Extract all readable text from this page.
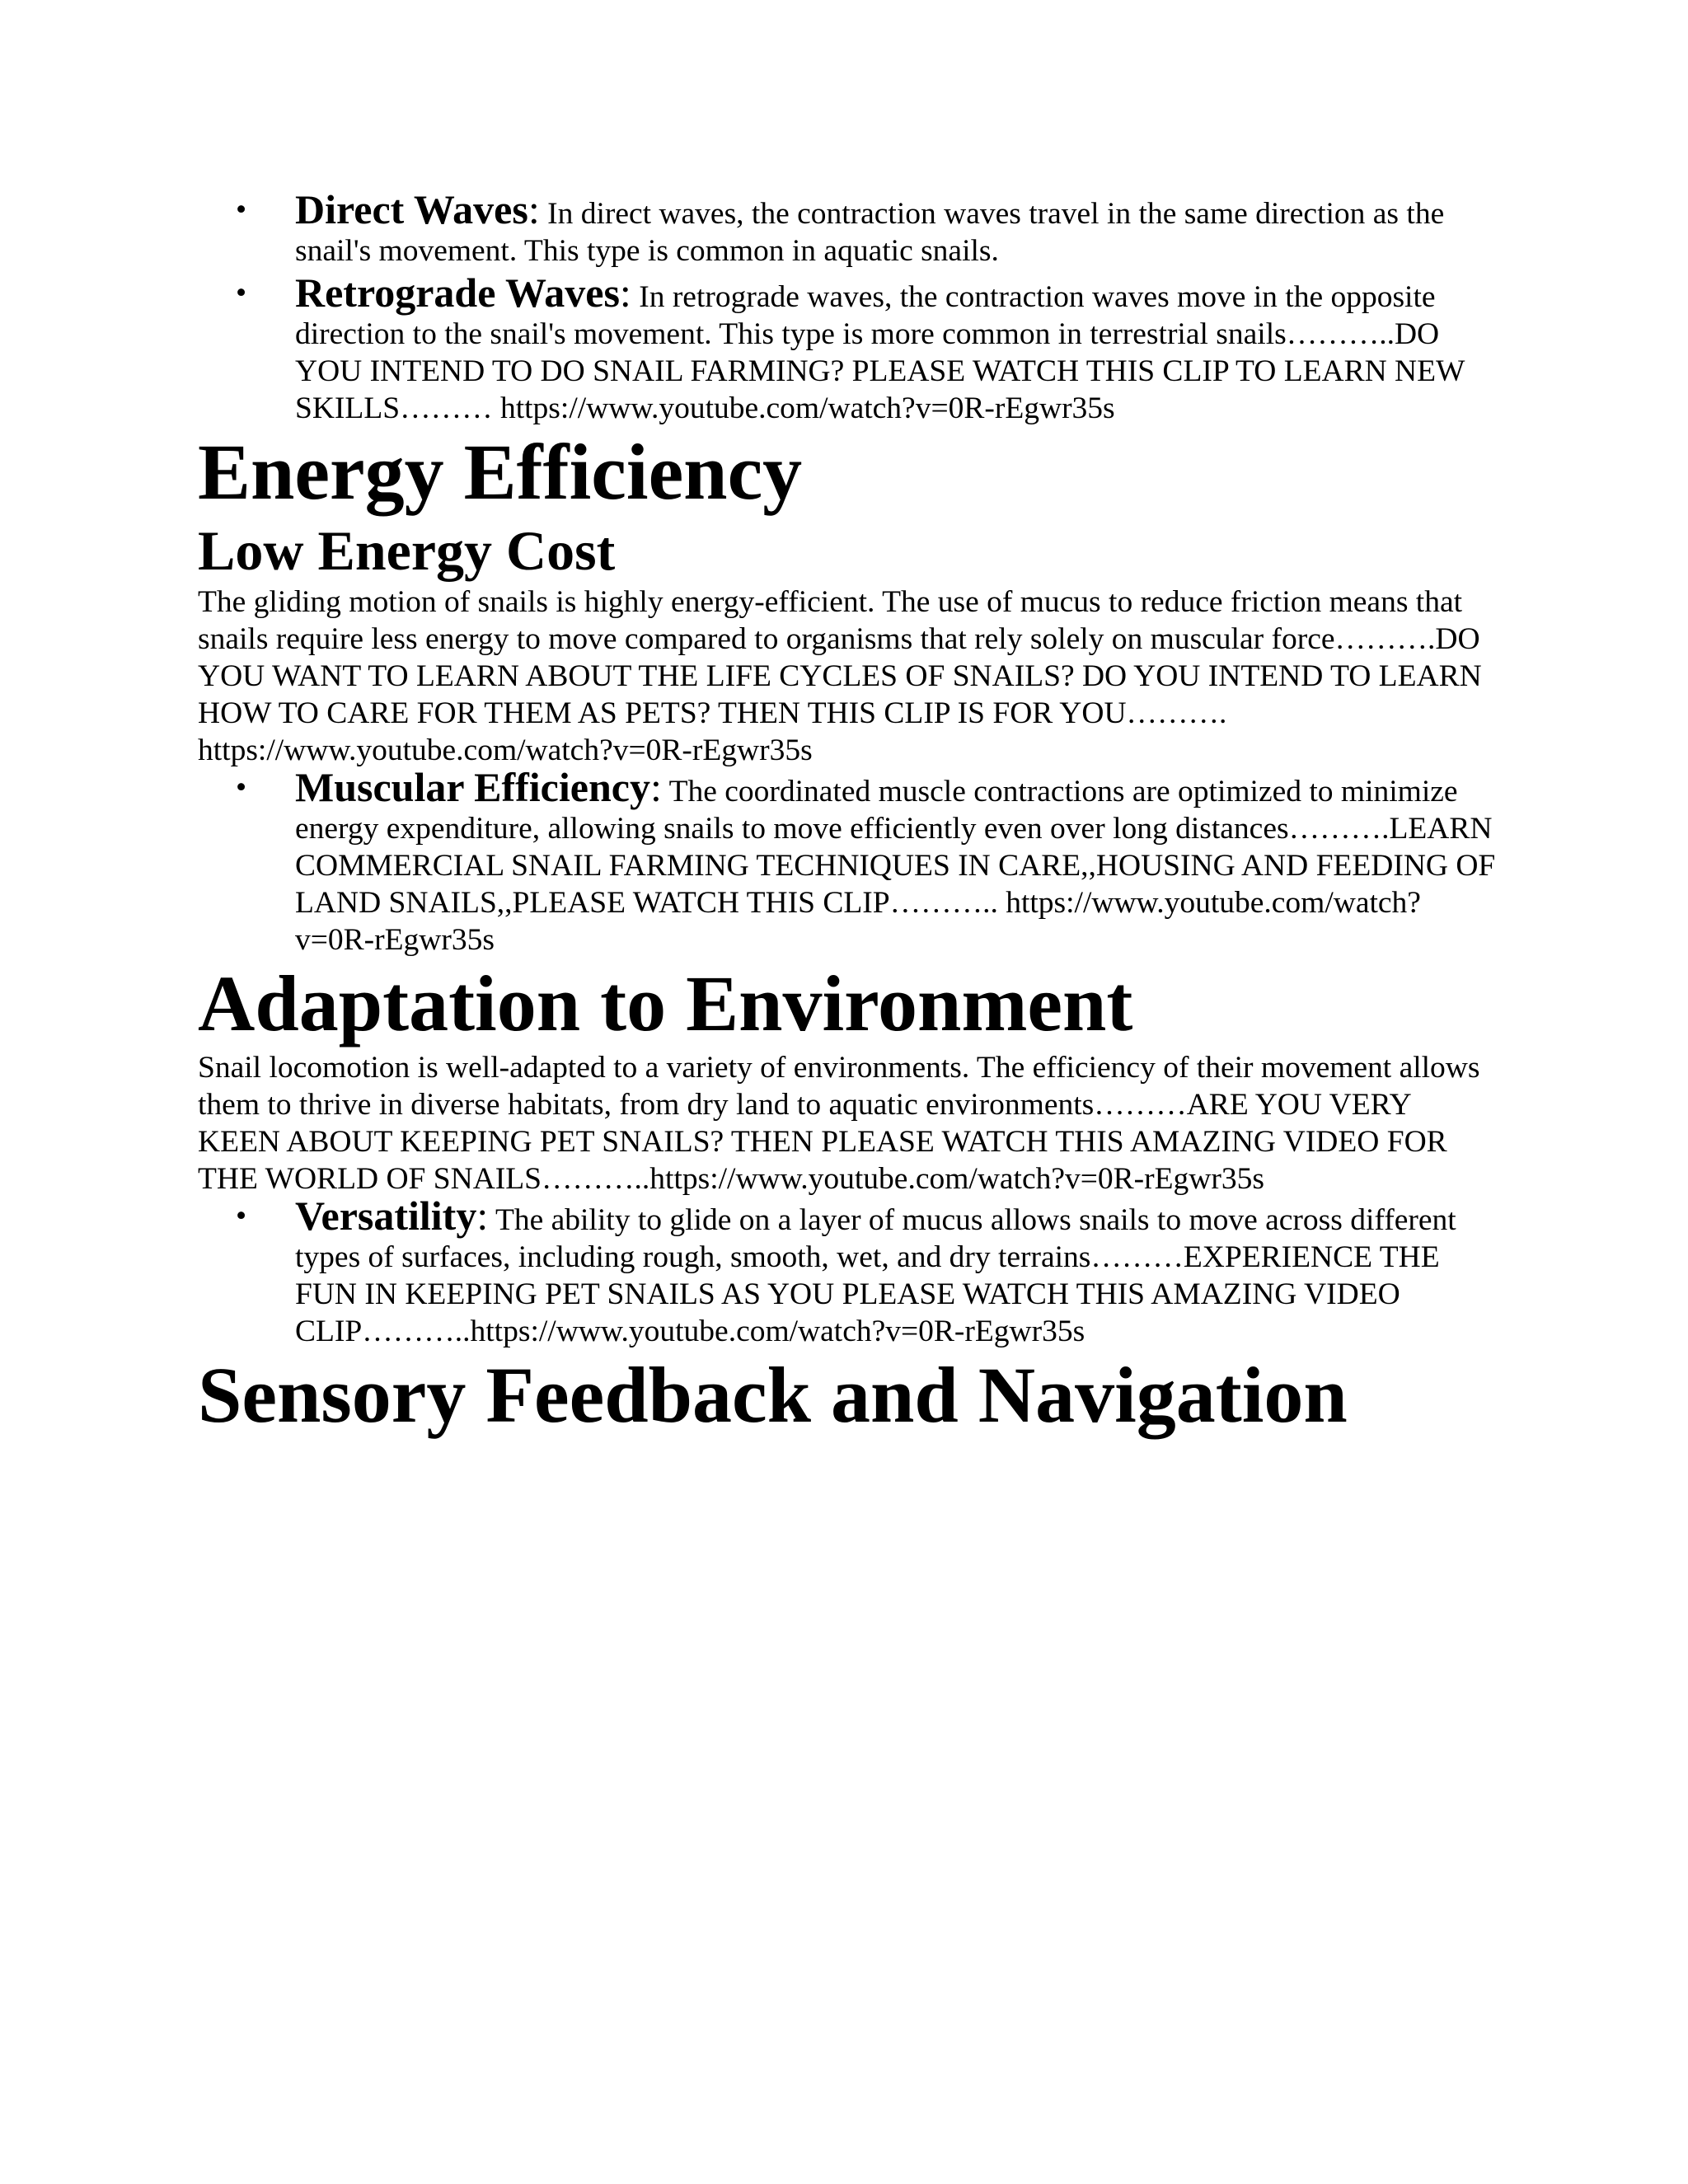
• Direct Waves: In direct waves, the contraction waves travel in the same direction as the snail's movement. This type is common in aquatic snails.
• Retrograde Waves: In retrograde waves, the contraction waves move in the opposite direction to the snail's movement. This type is more common in terrestrial snails………..DO YOU INTEND TO DO SNAIL FARMING? PLEASE WATCH THIS CLIP TO LEARN NEW SKILLS……… https://www.youtube.com/watch?v=0R-rEgwr35s
Energy Efficiency
Low Energy Cost

The gliding motion of snails is highly energy-efficient. The use of mucus to reduce friction means that snails require less energy to move compared to organisms that rely solely on muscular force……….DO YOU WANT TO LEARN ABOUT THE LIFE CYCLES OF SNAILS? DO YOU INTEND TO LEARN HOW TO CARE FOR THEM AS PETS? THEN THIS CLIP IS FOR YOU………. https://www.youtube.com/watch?v=0R-rEgwr35s

• Muscular Efficiency: The coordinated muscle contractions are optimized to minimize energy expenditure, allowing snails to move efficiently even over long distances……….LEARN COMMERCIAL SNAIL FARMING TECHNIQUES IN CARE,,HOUSING AND FEEDING OF LAND SNAILS,,PLEASE WATCH THIS CLIP……….. https://www.youtube.com/watch?v=0R-rEgwr35s
Adaptation to Environment

Snail locomotion is well-adapted to a variety of environments. The efficiency of their movement allows them to thrive in diverse habitats, from dry land to aquatic environments………ARE YOU VERY KEEN ABOUT KEEPING PET SNAILS? THEN PLEASE WATCH THIS AMAZING VIDEO FOR THE WORLD OF SNAILS………..https://www.youtube.com/watch?v=0R-rEgwr35s

• Versatility: The ability to glide on a layer of mucus allows snails to move across different types of surfaces, including rough, smooth, wet, and dry terrains………EXPERIENCE THE FUN IN KEEPING PET SNAILS AS YOU PLEASE WATCH THIS AMAZING VIDEO CLIP………..https://www.youtube.com/watch?v=0R-rEgwr35s
Sensory Feedback and Navigation
